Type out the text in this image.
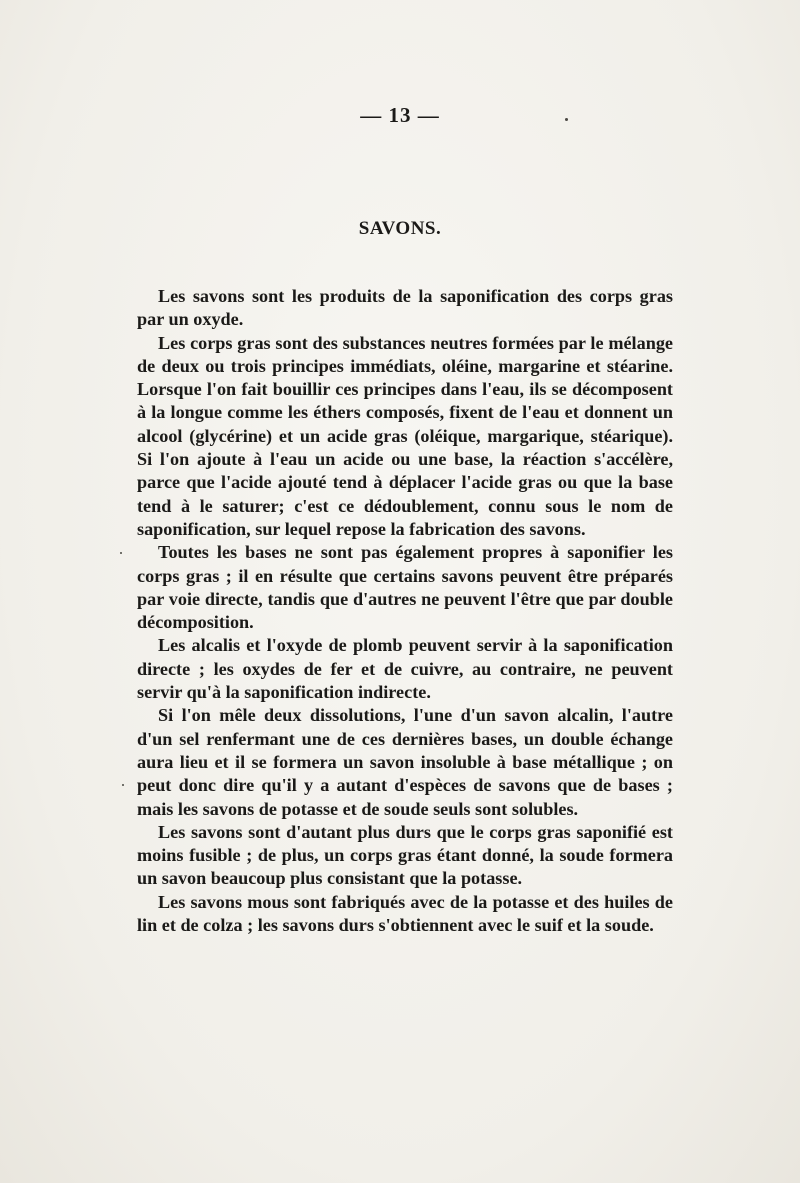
— 13 —
SAVONS.

Les savons sont les produits de la saponification des corps gras par un oxyde.

Les corps gras sont des substances neutres formées par le mélange de deux ou trois principes immédiats, oléine, margarine et stéarine. Lorsque l'on fait bouillir ces principes dans l'eau, ils se décomposent à la longue comme les éthers composés, fixent de l'eau et donnent un alcool (glycérine) et un acide gras (oléique, margarique, stéarique). Si l'on ajoute à l'eau un acide ou une base, la réaction s'accélère, parce que l'acide ajouté tend à déplacer l'acide gras ou que la base tend à le saturer; c'est ce dédoublement, connu sous le nom de saponification, sur lequel repose la fabrication des savons.

Toutes les bases ne sont pas également propres à saponifier les corps gras ; il en résulte que certains savons peuvent être préparés par voie directe, tandis que d'autres ne peuvent l'être que par double décomposition.

Les alcalis et l'oxyde de plomb peuvent servir à la saponification directe ; les oxydes de fer et de cuivre, au contraire, ne peuvent servir qu'à la saponification indirecte.

Si l'on mêle deux dissolutions, l'une d'un savon alcalin, l'autre d'un sel renfermant une de ces dernières bases, un double échange aura lieu et il se formera un savon insoluble à base métallique ; on peut donc dire qu'il y a autant d'espèces de savons que de bases ; mais les savons de potasse et de soude seuls sont solubles.

Les savons sont d'autant plus durs que le corps gras saponifié est moins fusible ; de plus, un corps gras étant donné, la soude formera un savon beaucoup plus consistant que la potasse.

Les savons mous sont fabriqués avec de la potasse et des huiles de lin et de colza ; les savons durs s'obtiennent avec le suif et la soude.
